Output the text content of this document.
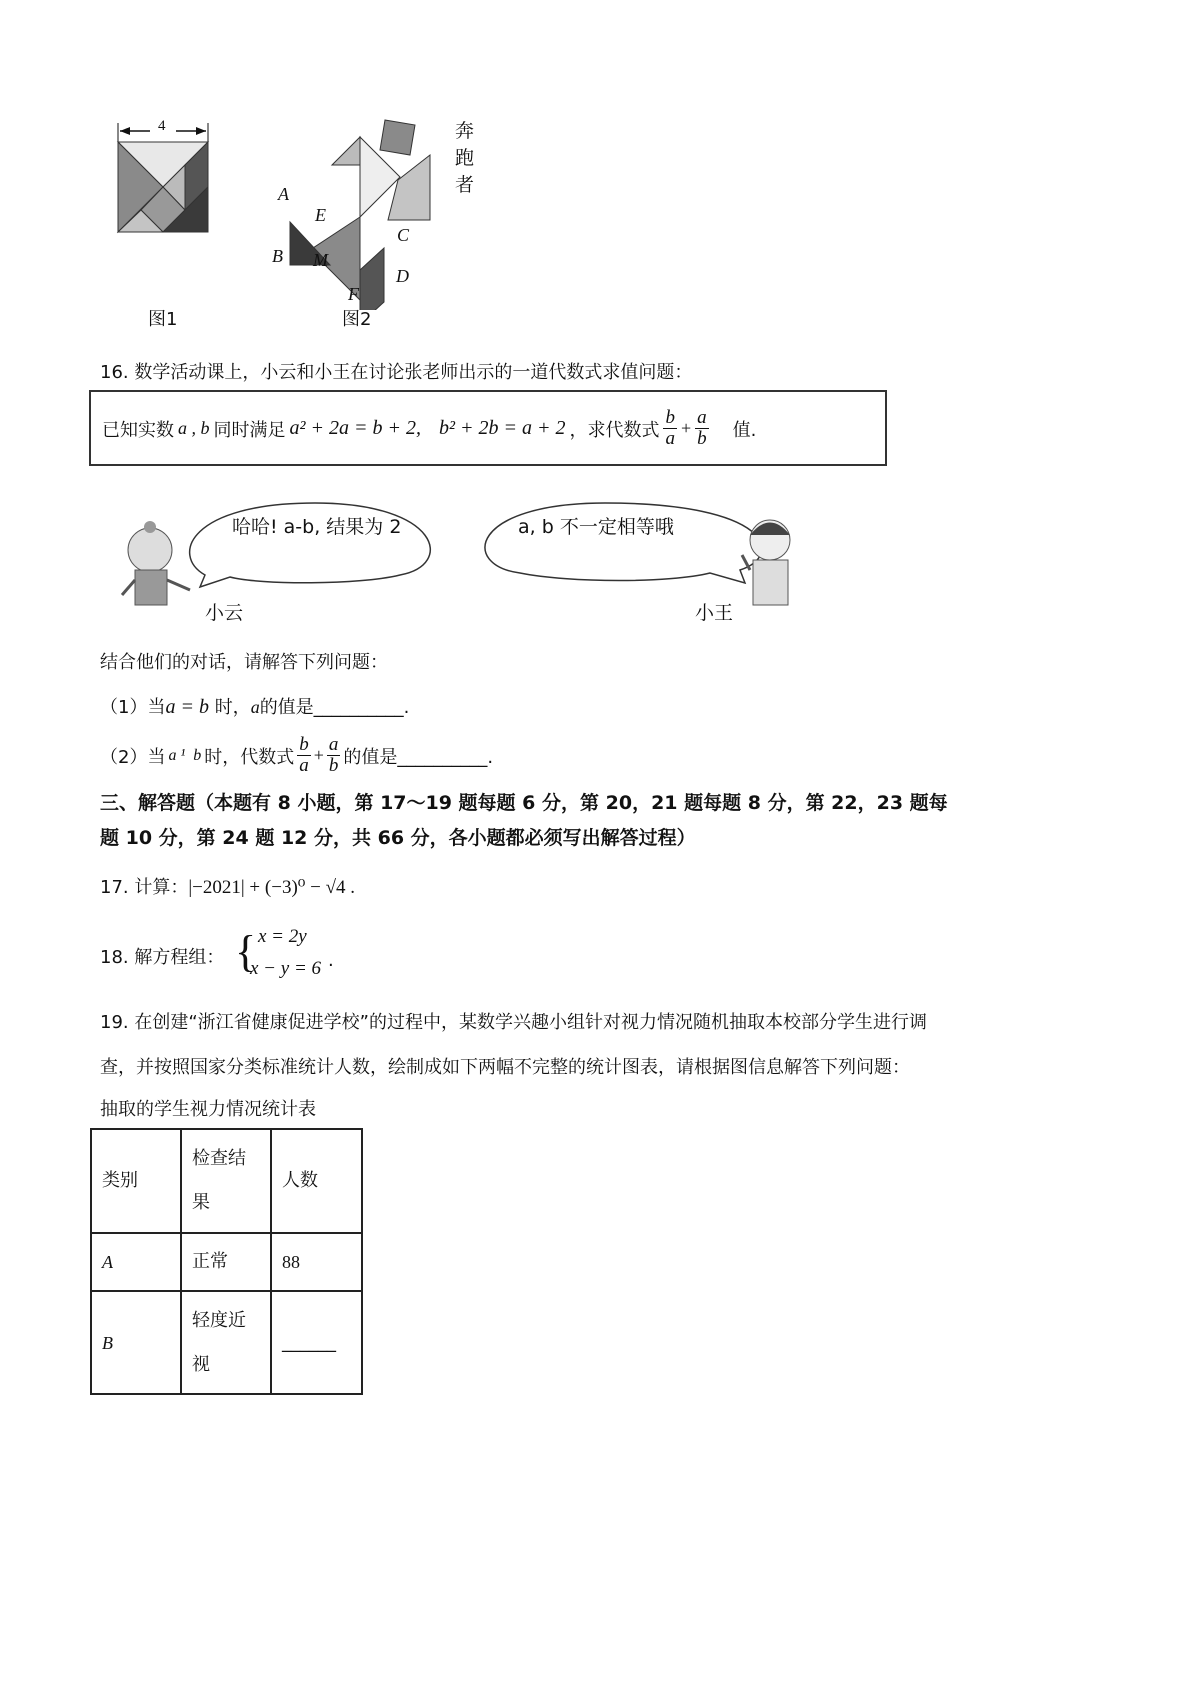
4
A
B
C
D
E
F
M
奔跑者
图1	图2
16. 数学活动课上，小云和小王在讨论张老师出示的一道代数式求值问题：
已知实数 a , b 同时满足 a² + 2a = b + 2, b² + 2b = a + 2 ，求代数式 $\frac{b}{a} + \frac{a}{b}$ 值.
哈哈! a-b, 结果为 2	a, b 不一定相等哦
小云	小王
结合他们的对话，请解答下列问题：
（1）当a = b 时，a的值是__________.
（2）当 a ¹  b 时，代数式 $\frac{b}{a} + \frac{a}{b}$ 的值是__________.
三、解答题（本题有 8 小题，第 17～19 题每题 6 分，第 20，21 题每题 8 分，第 22，23 题每
题 10 分，第 24 题 12 分，共 66 分，各小题都必须写出解答过程）
17. 计算：|−2021| + (−3)⁰ − √4 .
18. 解方程组： { x = 2y
x − y = 6 .
19. 在创建“浙江省健康促进学校”的过程中，某数学兴趣小组针对视力情况随机抽取本校部分学生进行调
查，并按照国家分类标准统计人数，绘制成如下两幅不完整的统计图表，请根据图信息解答下列问题：
抽取的学生视力情况统计表
类别	检查结果	人数
A	正常	88
B	轻度近视	______
